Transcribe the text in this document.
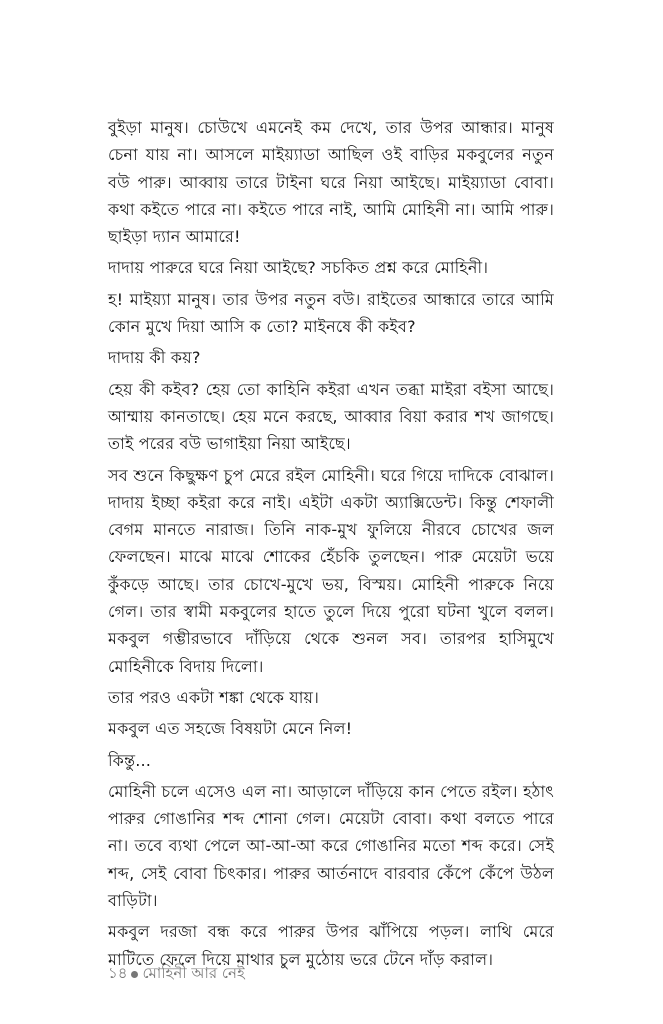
বুইড়া মানুষ। চোউখে এমনেই কম দেখে, তার উপর আন্ধার। মানুষ চেনা যায় না। আসলে মাইয়্যাডা আছিল ওই বাড়ির মকবুলের নতুন বউ পারু। আব্বায় তারে টাইনা ঘরে নিয়া আইছে। মাইয়্যাডা বোবা। কথা কইতে পারে না। কইতে পারে নাই, আমি মোহিনী না। আমি পারু। ছাইড়া দ্যান আমারে!

দাদায় পারুরে ঘরে নিয়া আইছে? সচকিত প্রশ্ন করে মোহিনী।

হ! মাইয়্যা মানুষ। তার উপর নতুন বউ। রাইতের আন্ধারে তারে আমি কোন মুখে দিয়া আসি ক তো? মাইনষে কী কইব?

দাদায় কী কয়?

হেয় কী কইব? হেয় তো কাহিনি কইরা এখন তব্ধা মাইরা বইসা আছে। আম্মায় কানতাছে। হেয় মনে করছে, আব্বার বিয়া করার শখ জাগছে। তাই পরের বউ ভাগাইয়া নিয়া আইছে।

সব শুনে কিছুক্ষণ চুপ মেরে রইল মোহিনী। ঘরে গিয়ে দাদিকে বোঝাল। দাদায় ইচ্ছা কইরা করে নাই। এইটা একটা অ্যাক্সিডেন্ট। কিন্তু শেফালী বেগম মানতে নারাজ। তিনি নাক-মুখ ফুলিয়ে নীরবে চোখের জল ফেলছেন। মাঝে মাঝে শোকের হেঁচকি তুলছেন। পারু মেয়েটা ভয়ে কুঁকড়ে আছে। তার চোখে-মুখে ভয়, বিস্ময়। মোহিনী পারুকে নিয়ে গেল। তার স্বামী মকবুলের হাতে তুলে দিয়ে পুরো ঘটনা খুলে বলল। মকবুল গম্ভীরভাবে দাঁড়িয়ে থেকে শুনল সব। তারপর হাসিমুখে মোহিনীকে বিদায় দিলো।

তার পরও একটা শঙ্কা থেকে যায়।

মকবুল এত সহজে বিষয়টা মেনে নিল!

কিন্তু...

মোহিনী চলে এসেও এল না। আড়ালে দাঁড়িয়ে কান পেতে রইল। হঠাৎ পারুর গোঙানির শব্দ শোনা গেল। মেয়েটা বোবা। কথা বলতে পারে না। তবে ব্যথা পেলে আ-আ-আ করে গোঙানির মতো শব্দ করে। সেই শব্দ, সেই বোবা চিৎকার। পারুর আর্তনাদে বারবার কেঁপে কেঁপে উঠল বাড়িটা।

মকবুল দরজা বন্ধ করে পারুর উপর ঝাঁপিয়ে পড়ল। লাথি মেরে মাটিতে ফেলে দিয়ে মাথার চুল মুঠোয় ভরে টেনে দাঁড় করাল।

১৪ মোহিনী আর নেই
